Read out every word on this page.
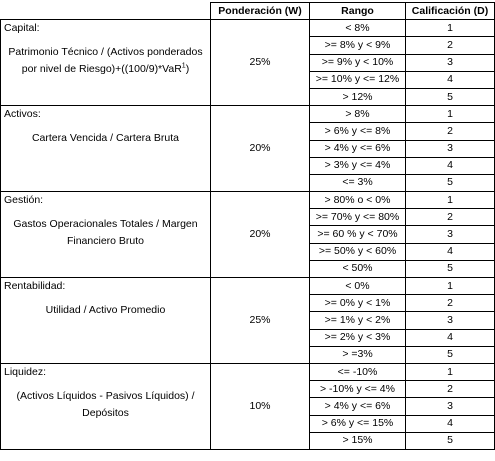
	Ponderación (W)	Rango	Calificación (D)

Capital:
Patrimonio Técnico / (Activos ponderados por nivel de Riesgo)+((100/9)*VaR$^1$)	25%	< 8%	1
		>= 8% y < 9%	2
		>= 9% y < 10%	3
		>= 10% y <= 12%	4
		> 12%	5

Activos:
Cartera Vencida / Cartera Bruta	20%	> 8%	1
		> 6% y <= 8%	2
		> 4% y <= 6%	3
		> 3% y <= 4%	4
		<= 3%	5

Gestión:
Gastos Operacionales Totales / Margen Financiero Bruto	20%	> 80% o < 0%	1
		>= 70% y <= 80%	2
		>= 60 % y < 70%	3
		>= 50% y < 60%	4
		< 50%	5

Rentabilidad:
Utilidad / Activo Promedio	25%	< 0%	1
		>= 0% y < 1%	2
		>= 1% y < 2%	3
		>= 2% y < 3%	4
		> =3%	5

Liquidez:
(Activos Líquidos - Pasivos Líquidos) / Depósitos	10%	<= -10%	1
		> -10% y <= 4%	2
		> 4% y <= 6%	3
		> 6% y <= 15%	4
		> 15%	5
